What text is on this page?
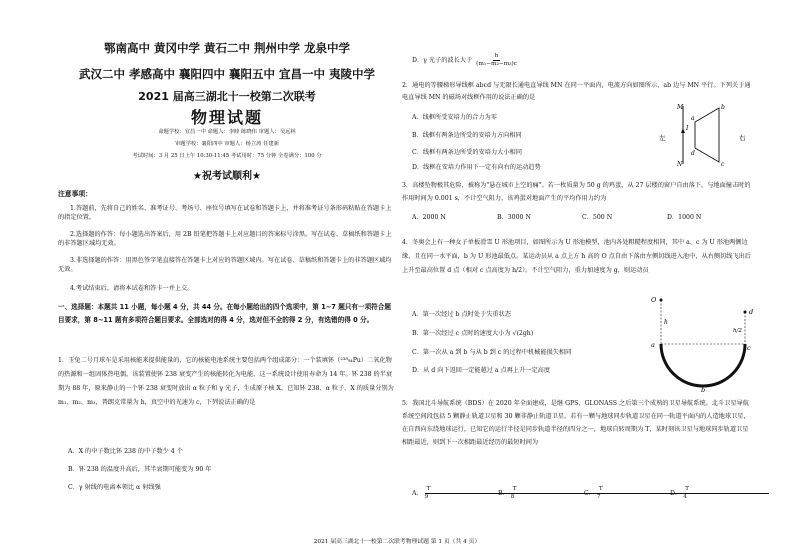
鄂南高中 黄冈中学 黄石二中 荆州中学 龙泉中学
武汉二中 孝感高中 襄阳四中 襄阳五中 宜昌一中 夷陵中学
2021 届高三湖北十一校第二次联考
物理试题
命题学校：宜昌一中 命题人：李睦 陈晓伟 审题人：吴远林
审题学校：襄阳四中 审题人：杨立涛 任建新
考试时间：3 月 25 日上午 10:30-11:45 考试用时：75 分钟 全卷满分：100 分
★祝考试顺利★
注意事项：
1.答题前，先将自己的姓名、准考证号、考场号、座位号填写在试卷和答题卡上，并将准考证号条形码粘贴在答题卡上的指定位置。
2.选择题的作答：每小题选出答案后，用 2B 铅笔把答题卡上对应题目的答案标号涂黑。写在试卷、草稿纸和答题卡上的非答题区域均无效。
3.非选择题的作答：用黑色签字笔直接答在答题卡上对应的答题区域内。写在试卷、草稿纸和答题卡上的非答题区域均无效。
4.考试结束后，请将本试卷和答卡一并上交。
一、选择题：本题共 11 小题，每小题 4 分，共 44 分。在每小题给出的四个选项中，第 1~7 题只有一项符合题目要求，第 8~11 题有多项符合题目要求。全部选对的得 4 分，选对但不全的得 2 分，有选错的得 0 分。
1．玉兔二号月球车是采用核能来提供能量的，它的核能电池系统主要包括两个组成部分：一个装填钚（²³⁸₉₄Pu）二氧化物的热源和一组固体热电偶。该装置使钚 238 衰变产生的核能转化为电能，这一系统设计使用寿命为 14 年。钚 238 的半衰期为 88 年，原来静止的一个钚 238 衰变时放出 α 粒子和 γ 光子，生成原子核 X。已知钚 238、α 粒子、X 的质量分别为 m₁、m₂、m₃，普朗克常量为 h，真空中的光速为 c，下列说法正确的是
A．X 的中子数比钚 238 的中子数少 4 个
B．钚 238 的温度升高后，其半衰期可能变为 90 年
C．γ 射线的电离本领比 α 射线强
D．γ 光子的波长大于 $\frac{h}{\text{(m₁−m₂−m₃)c}}$
2．通电的等腰梯形导线框 abcd 与无限长通电直导线 MN 在同一平面内，电流方向如图所示，ab 边与 MN 平行。下列关于通电直导线 MN 的磁场对线框作用的说法正确的是
A．线框所受安培力的合力为零
B．线框有两条边所受的安培力方向相同
C．线框有两条边所受的安培力大小相同
D．线框在安培力作用下一定有向右的运动趋势
M
N
I
a
b
c
d
左	右
3．高楼坠物极其危险，被称为"悬在城市上空的痛"。若一枚质量为 50 g 的鸡蛋，从 27 层楼的窗户自由落下，与地面撞击时的作用时间为 0.001 s，不计空气阻力，该鸡蛋对地面产生的平均作用力约为
A．2000 N	B．3000 N	C．500 N	D．1000 N
4．冬奥会上有一种女子单板滑雪 U 形池项目，如图所示为 U 形池模型，池内各处粗糙程度相同，其中 a、c 为 U 形池两侧边缘，且在同一水平面，b 为 U 形池最低点。某运动员从 a 点上方 h 高的 O 点自由下落由左侧切线进入池中，从右侧切线飞出后上升至最高位置 d 点（相对 c 点高度为 h/2）。不计空气阻力，重力加速度为 g，则运动员
A．第一次经过 b 点时处于失重状态
B．第一次经过 c 点时的速度大小为 √(2gh)
C．第一次从 a 到 b 与从 b 到 c 的过程中机械能损失相同
D．从 d 向下返回一定能越过 a 点再上升一定高度
O
h
h/2
d
a
b
c
5．我国北斗导航系统（BDS）在 2020 年全面建成，是继 GPS、GLONASS 之后第三个成熟的卫星导航系统。北斗卫星导航系统空间段包括 5 颗静止轨道卫星和 30 颗非静止轨道卫星。若有一颗与地球同步轨道卫星在同一轨道平面内的人造地球卫星，在自西向东绕地球运行，已知它的运行半径是同步轨道半径的四分之一，地球自转周期为 T，某时刻该卫星与地球同步轨道卫星相距最近，则到下一次相距最近经历的最短时间为
A． $\frac{T}{9}$
B． $\frac{T}{8}$
C． $\frac{T}{7}$
D． $\frac{T}{4}$
2021 届高三湖北十一校第二次联考物理试题 第 1 页（共 4 页）
